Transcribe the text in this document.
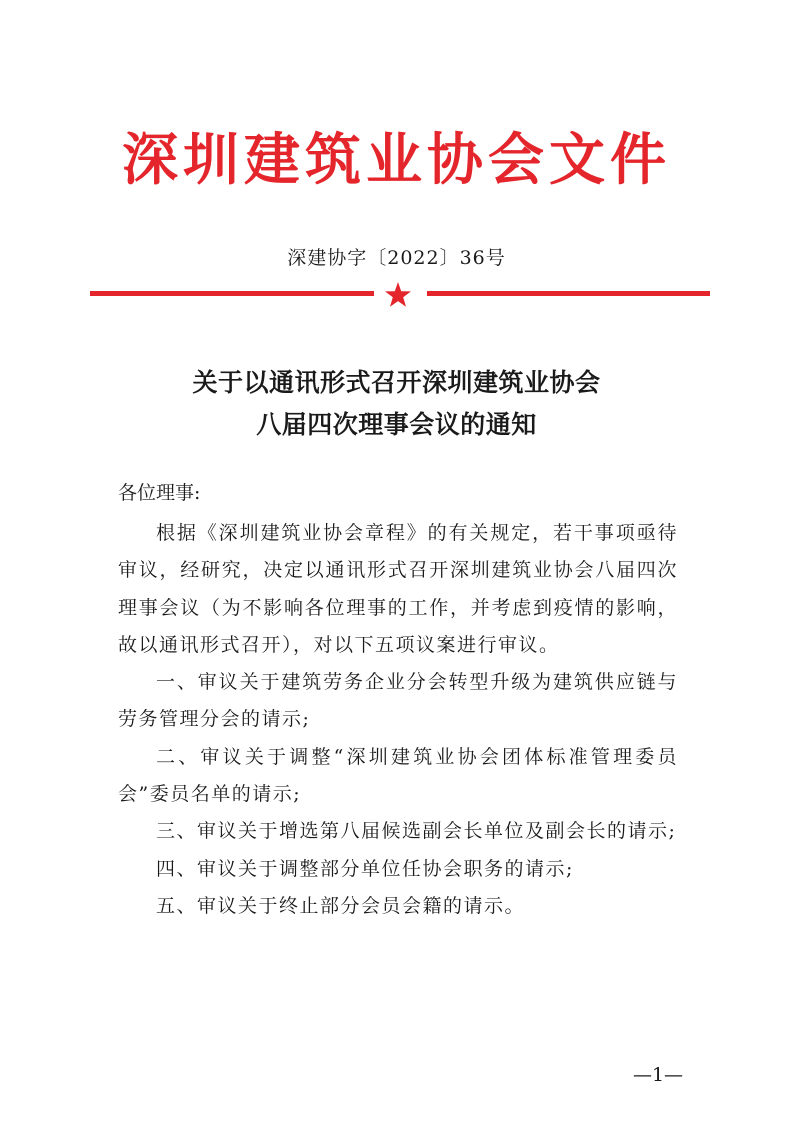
深圳建筑业协会文件
深建协字〔2022〕36号
关于以通讯形式召开深圳建筑业协会
八届四次理事会议的通知
各位理事:

根据《深圳建筑业协会章程》的有关规定，若干事项亟待审议，经研究，决定以通讯形式召开深圳建筑业协会八届四次理事会议（为不影响各位理事的工作，并考虑到疫情的影响，故以通讯形式召开），对以下五项议案进行审议。

一、审议关于建筑劳务企业分会转型升级为建筑供应链与劳务管理分会的请示;

二、审议关于调整“深圳建筑业协会团体标准管理委员会”委员名单的请示;

三、审议关于增选第八届候选副会长单位及副会长的请示;

四、审议关于调整部分单位任协会职务的请示;

五、审议关于终止部分会员会籍的请示。

—1—
